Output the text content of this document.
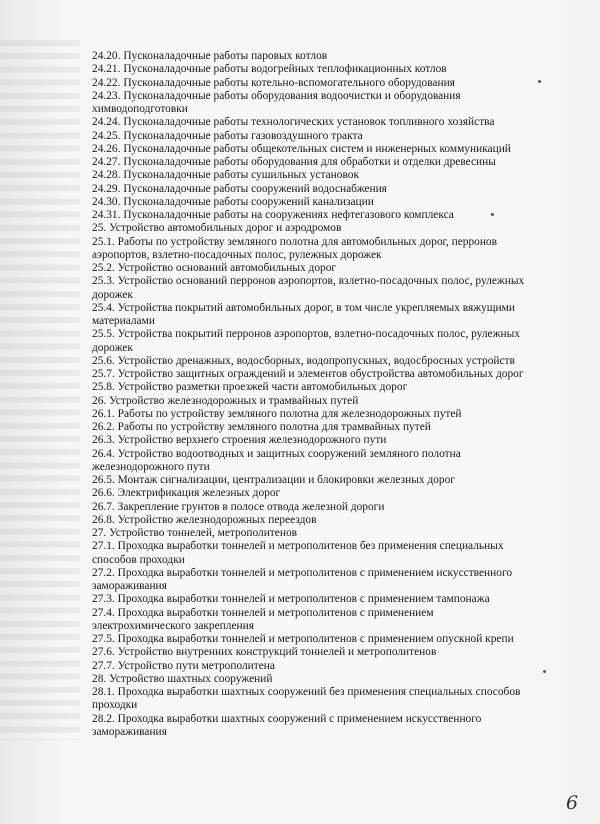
24.20. Пусконаладочные работы паровых котлов
24.21. Пусконаладочные работы водогрейных теплофикационных котлов
24.22. Пусконаладочные работы котельно-вспомогательного оборудования
24.23. Пусконаладочные работы оборудования водоочистки и оборудования
химводоподготовки
24.24. Пусконаладочные работы технологических установок топливного хозяйства
24.25. Пусконаладочные работы газовоздушного тракта
24.26. Пусконаладочные работы общекотельных систем и инженерных коммуникаций
24.27. Пусконаладочные работы оборудования для обработки и отделки древесины
24.28. Пусконаладочные работы сушильных установок
24.29. Пусконаладочные работы сооружений водоснабжения
24.30. Пусконаладочные работы сооружений канализации
24.31. Пусконаладочные работы на сооружениях нефтегазового комплекса
25. Устройство автомобильных дорог и аэродромов
25.1. Работы по устройству земляного полотна для автомобильных дорог, перронов
аэропортов, взлетно-посадочных полос, рулежных дорожек
25.2. Устройство оснований автомобильных дорог
25.3. Устройство оснований перронов аэропортов, взлетно-посадочных полос, рулежных
дорожек
25.4. Устройства покрытий автомобильных дорог, в том числе укрепляемых вяжущими
материалами
25.5. Устройства покрытий перронов аэропортов, взлетно-посадочных полос, рулежных
дорожек
25.6. Устройство дренажных, водосборных, водопропускных, водосбросных устройств
25.7. Устройство защитных ограждений и элементов обустройства автомобильных дорог
25.8. Устройство разметки проезжей части автомобильных дорог
26. Устройство железнодорожных и трамвайных путей
26.1. Работы по устройству земляного полотна для железнодорожных путей
26.2. Работы по устройству земляного полотна для трамвайных путей
26.3. Устройство верхнего строения железнодорожного пути
26.4. Устройство водоотводных и защитных сооружений земляного полотна
железнодорожного пути
26.5. Монтаж сигнализации, централизации и блокировки железных дорог
26.6. Электрификация железных дорог
26.7. Закрепление грунтов в полосе отвода железной дороги
26.8. Устройство железнодорожных переездов
27. Устройство тоннелей, метрополитенов
27.1. Проходка выработки тоннелей и метрополитенов без применения специальных
способов проходки
27.2. Проходка выработки тоннелей и метрополитенов с применением искусственного
замораживания
27.3. Проходка выработки тоннелей и метрополитенов с применением тампонажа
27.4. Проходка выработки тоннелей и метрополитенов с применением
электрохимического закрепления
27.5. Проходка выработки тоннелей и метрополитенов с применением опускной крепи
27.6. Устройство внутренних конструкций тоннелей и метрополитенов
27.7. Устройство пути метрополитена
28. Устройство шахтных сооружений
28.1. Проходка выработки шахтных сооружений без применения специальных способов
проходки
28.2. Проходка выработки шахтных сооружений с применением искусственного
замораживания
6
